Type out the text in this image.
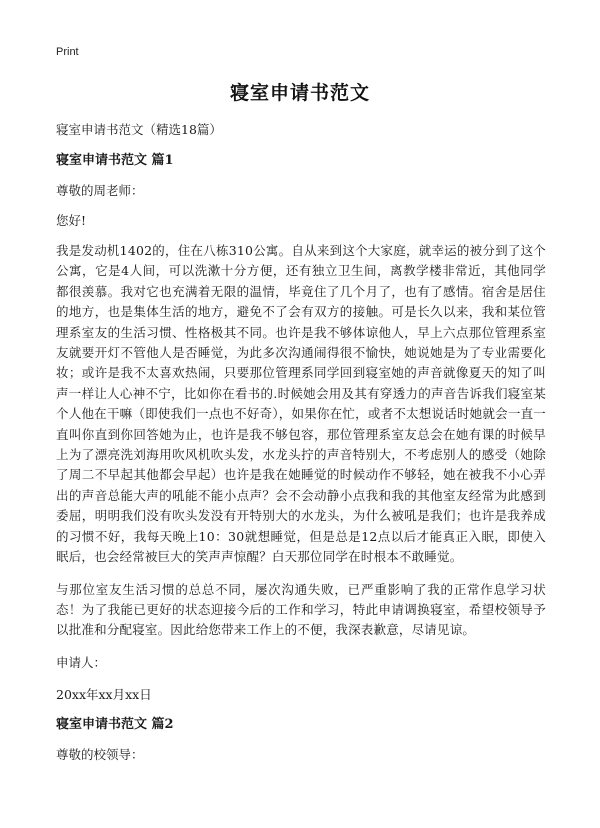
Print
寝室申请书范文

寝室申请书范文（精选18篇）

寝室申请书范文 篇1

尊敬的周老师：

您好!

我是发动机1402的，住在八栋310公寓。自从来到这个大家庭，就幸运的被分到了这个公寓，它是4人间，可以洗漱十分方便，还有独立卫生间，离教学楼非常近，其他同学都很羡慕。我对它也充满着无限的温情，毕竟住了几个月了，也有了感情。宿舍是居住的地方，也是集体生活的地方，避免不了会有双方的接触。可是长久以来，我和某位管理系室友的生活习惯、性格极其不同。也许是我不够体谅他人，早上六点那位管理系室友就要开灯不管他人是否睡觉，为此多次沟通闹得很不愉快，她说她是为了专业需要化妆；或许是我不太喜欢热闹，只要那位管理系同学回到寝室她的声音就像夏天的知了叫声一样让人心神不宁，比如你在看书的.时候她会用及其有穿透力的声音告诉我们寝室某个人他在干嘛（即使我们一点也不好奇），如果你在忙，或者不太想说话时她就会一直一直叫你直到你回答她为止，也许是我不够包容，那位管理系室友总会在她有课的时候早上为了漂亮洗刘海用吹风机吹头发，水龙头拧的声音特别大，不考虑别人的感受（她除了周二不早起其他都会早起）也许是我在她睡觉的时候动作不够轻，她在被我不小心弄出的声音总能大声的吼能不能小点声？会不会动静小点我和我的其他室友经常为此感到委屈，明明我们没有吹头发没有开特别大的水龙头，为什么被吼是我们；也许是我养成的习惯不好，我每天晚上10：30就想睡觉，但是总是12点以后才能真正入眠，即使入眠后，也会经常被巨大的笑声声惊醒？白天那位同学在时根本不敢睡觉。

与那位室友生活习惯的总总不同，屡次沟通失败，已严重影响了我的正常作息学习状态！为了我能已更好的状态迎接今后的工作和学习，特此申请调换寝室，希望校领导予以批准和分配寝室。因此给您带来工作上的不便，我深表歉意，尽请见谅。

申请人：

20xx年xx月xx日

寝室申请书范文 篇2

尊敬的校领导：
